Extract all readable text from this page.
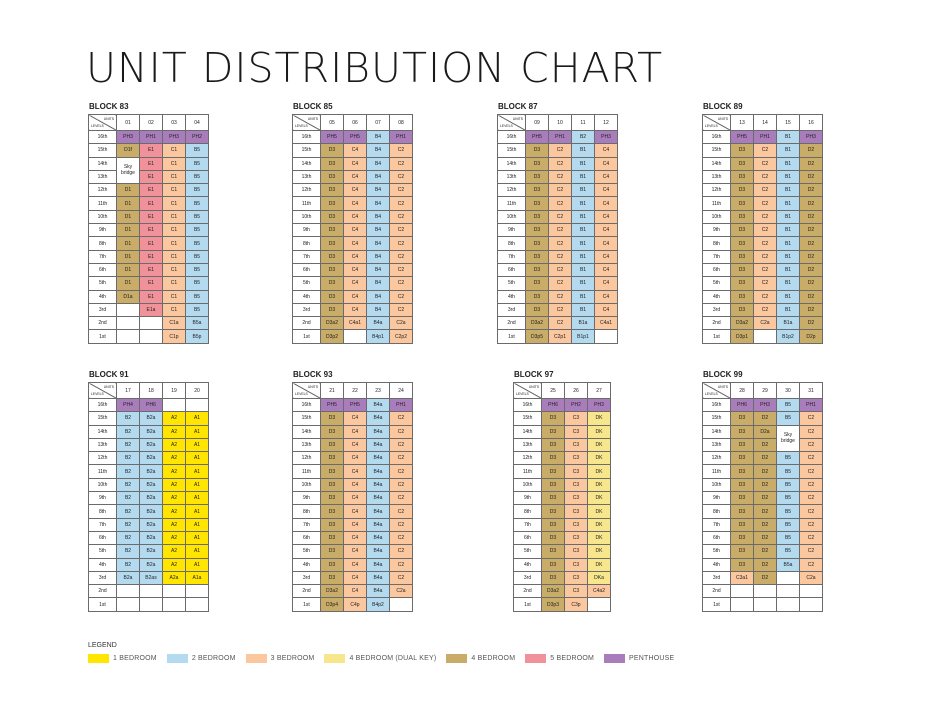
UNIT DISTRIBUTION CHART
BLOCK 83
UNITS
LEVELS	01	02	03	04
16th	PH3	PH1	PH3	PH2
15th	D1f	E1	C1	B5
14th	Sky bridge	E1	C1	B5
13th		E1	C1	B5
12th	D1	E1	C1	B5
11th	D1	E1	C1	B5
10th	D1	E1	C1	B5
9th	D1	E1	C1	B5
8th	D1	E1	C1	B5
7th	D1	E1	C1	B5
6th	D1	E1	C1	B5
5th	D1	E1	C1	B5
4th	D1a	E1	C1	B5
3rd		E1a	C1	B5
2nd			C1a	B5a
1st			C1p	B5p
BLOCK 85
UNITS
LEVELS	05	06	07	08
16th	PH5	PH5	B4	PH1
15th	D3	C4	B4	C2
14th	D3	C4	B4	C2
13th	D3	C4	B4	C2
12th	D3	C4	B4	C2
11th	D3	C4	B4	C2
10th	D3	C4	B4	C2
9th	D3	C4	B4	C2
8th	D3	C4	B4	C2
7th	D3	C4	B4	C2
6th	D3	C4	B4	C2
5th	D3	C4	B4	C2
4th	D3	C4	B4	C2
3rd	D3	C4	B4	C2
2nd	D3a2	C4a1	B4a	C2a
1st	D3p2		B4p1	C2p2
BLOCK 87
UNITS
LEVELS	09	10	11	12
16th	PH5	PH1	B2	PH3
15th	D3	C2	B1	C4
14th	D3	C2	B1	C4
13th	D3	C2	B1	C4
12th	D3	C2	B1	C4
11th	D3	C2	B1	C4
10th	D3	C2	B1	C4
9th	D3	C2	B1	C4
8th	D3	C2	B1	C4
7th	D3	C2	B1	C4
6th	D3	C2	B1	C4
5th	D3	C2	B1	C4
4th	D3	C2	B1	C4
3rd	D3	C2	B1	C4
2nd	D3a2	C2	B1a	C4a1
1st	D3p5	C2p1	B1p1	
BLOCK 89
UNITS
LEVELS	13	14	15	16
16th	PH5	PH1	B1	PH3
15th	D3	C2	B1	D2
14th	D3	C2	B1	D2
13th	D3	C2	B1	D2
12th	D3	C2	B1	D2
11th	D3	C2	B1	D2
10th	D3	C2	B1	D2
9th	D3	C2	B1	D2
8th	D3	C2	B1	D2
7th	D3	C2	B1	D2
6th	D3	C2	B1	D2
5th	D3	C2	B1	D2
4th	D3	C2	B1	D2
3rd	D3	C2	B1	D2
2nd	D3a2	C2a	B1a	D2
1st	D3p1		B1p2	D2p
BLOCK 91
UNITS
LEVELS	17	18	19	20
16th	PH4	PH6		
15th	B2	B2a	A2	A1
14th	B2	B2a	A2	A1
13th	B2	B2a	A2	A1
12th	B2	B2a	A2	A1
11th	B2	B2a	A2	A1
10th	B2	B2a	A2	A1
9th	B2	B2a	A2	A1
8th	B2	B2a	A2	A1
7th	B2	B2a	A2	A1
6th	B2	B2a	A2	A1
5th	B2	B2a	A2	A1
4th	B2	B2a	A2	A1
3rd	B2a	B2as	A2a	A1a
2nd				
1st				
BLOCK 93
UNITS
LEVELS	21	22	23	24
16th	PH5	PH5	B4a	PH1
15th	D3	C4	B4a	C2
14th	D3	C4	B4a	C2
13th	D3	C4	B4a	C2
12th	D3	C4	B4a	C2
11th	D3	C4	B4a	C2
10th	D3	C4	B4a	C2
9th	D3	C4	B4a	C2
8th	D3	C4	B4a	C2
7th	D3	C4	B4a	C2
6th	D3	C4	B4a	C2
5th	D3	C4	B4a	C2
4th	D3	C4	B4a	C2
3rd	D3	C4	B4a	C2
2nd	D3a2	C4	B4a	C2a
1st	D3p4	C4p	B4p2	
BLOCK 97
UNITS
LEVELS	25	26	27
16th	PH6	PH2	PH3
15th	D3	C3	DK
14th	D3	C3	DK
13th	D3	C3	DK
12th	D3	C3	DK
11th	D3	C3	DK
10th	D3	C3	DK
9th	D3	C3	DK
8th	D3	C3	DK
7th	D3	C3	DK
6th	D3	C3	DK
5th	D3	C3	DK
4th	D3	C3	DK
3rd	D3	C3	DKa
2nd	D3a2	C3	C4a2
1st	D3p3	C3p	
BLOCK 99
UNITS
LEVELS	28	29	30	31
16th	PH6	PH3	B5	PH1
15th	D3	D2	B5	C2
14th	D3	D2a	Sky bridge	C2
13th	D3	D2		C2
12th	D3	D2	B5	C2
11th	D3	D2	B5	C2
10th	D3	D2	B5	C2
9th	D3	D2	B5	C2
8th	D3	D2	B5	C2
7th	D3	D2	B5	C2
6th	D3	D2	B5	C2
5th	D3	D2	B5	C2
4th	D3	D2	B5a	C2
3rd	C3a1	D2		C2a
2nd				
1st				
LEGEND
1 BEDROOM	2 BEDROOM	3 BEDROOM	4 BEDROOM (DUAL KEY)	4 BEDROOM	5 BEDROOM	PENTHOUSE
